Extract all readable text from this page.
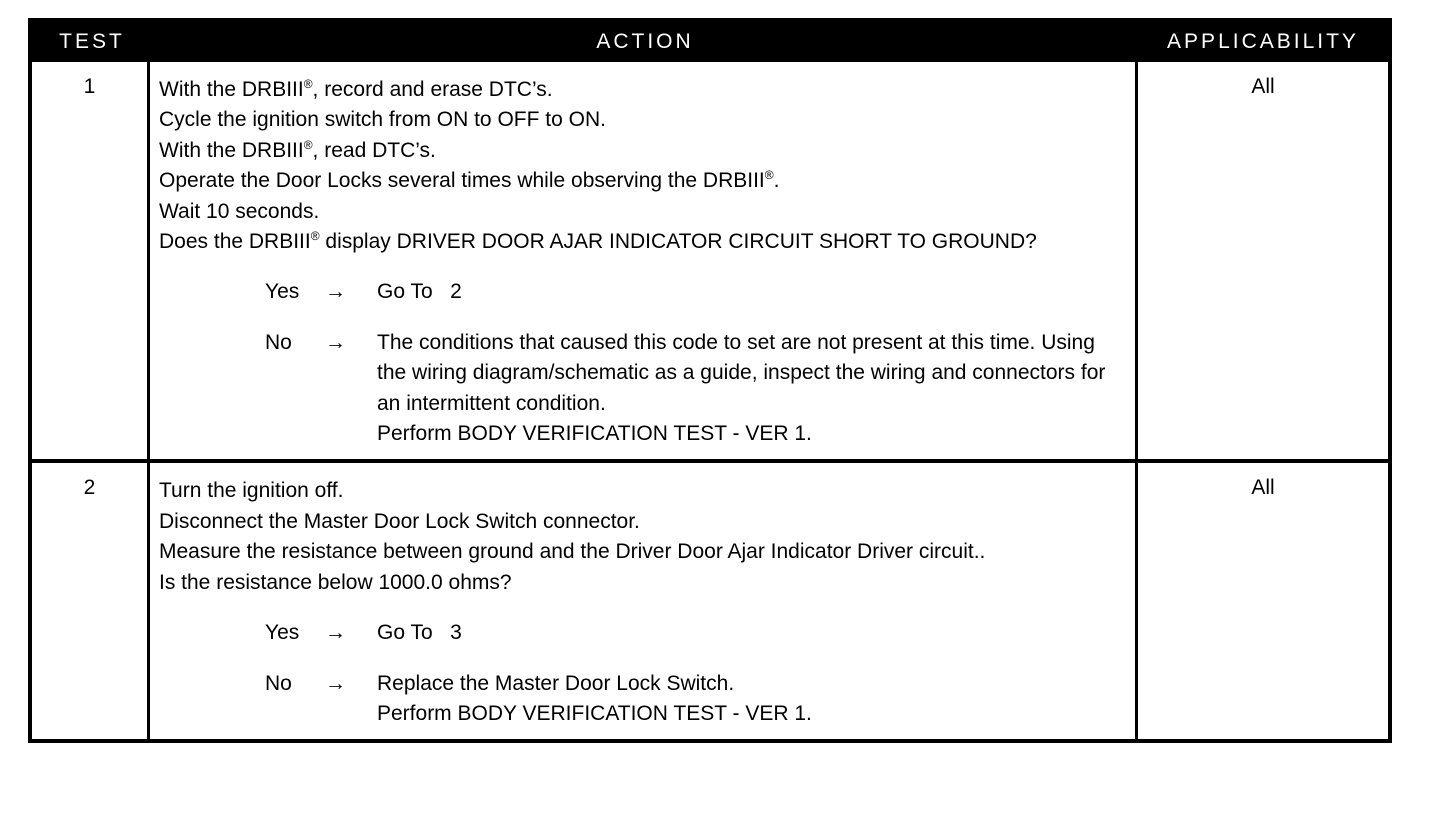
TEST	ACTION	APPLICABILITY
1	With the DRBIII®, record and erase DTC’s.
Cycle the ignition switch from ON to OFF to ON.
With the DRBIII®, read DTC’s.
Operate the Door Locks several times while observing the DRBIII®.
Wait 10 seconds.
Does the DRBIII® display DRIVER DOOR AJAR INDICATOR CIRCUIT SHORT TO GROUND?
Yes	→	Go To   2
No	→	The conditions that caused this code to set are not present at this time. Using the wiring diagram/schematic as a guide, inspect the wiring and connectors for an intermittent condition.
Perform BODY VERIFICATION TEST - VER 1.
All
2	Turn the ignition off.
Disconnect the Master Door Lock Switch connector.
Measure the resistance between ground and the Driver Door Ajar Indicator Driver circuit..
Is the resistance below 1000.0 ohms?
Yes	→	Go To   3
No	→	Replace the Master Door Lock Switch.
Perform BODY VERIFICATION TEST - VER 1.
All
